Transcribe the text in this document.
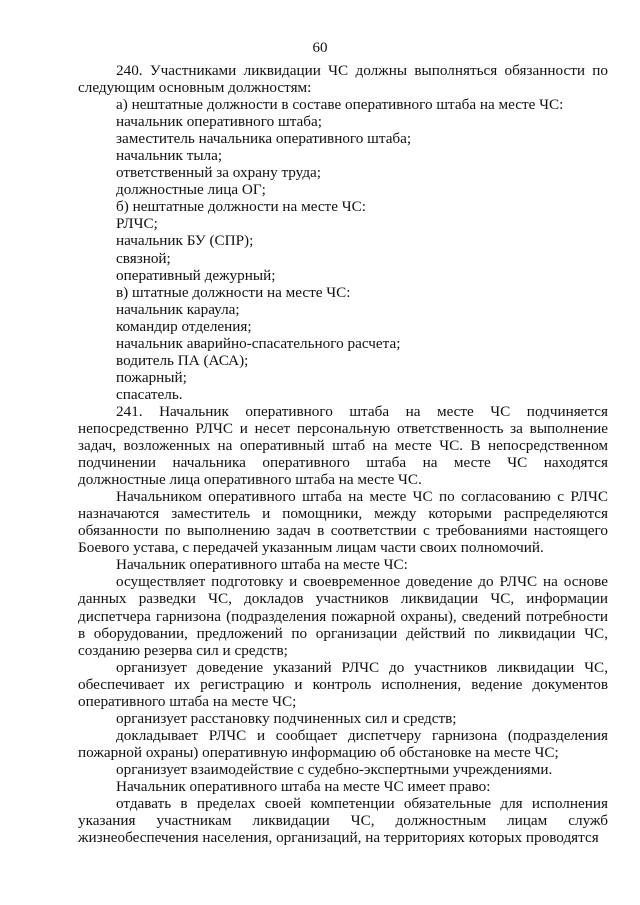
60

240. Участниками ликвидации ЧС должны выполняться обязанности по следующим основным должностям:

а) нештатные должности в составе оперативного штаба на месте ЧС:

начальник оперативного штаба;

заместитель начальника оперативного штаба;

начальник тыла;

ответственный за охрану труда;

должностные лица ОГ;

б) нештатные должности на месте ЧС:

РЛЧС;

начальник БУ (СПР);

связной;

оперативный дежурный;

в) штатные должности на месте ЧС:

начальник караула;

командир отделения;

начальник аварийно-спасательного расчета;

водитель ПА (АСА);

пожарный;

спасатель.

241. Начальник оперативного штаба на месте ЧС подчиняется непосредственно РЛЧС и несет персональную ответственность за выполнение задач, возложенных на оперативный штаб на месте ЧС. В непосредственном подчинении начальника оперативного штаба на месте ЧС находятся должностные лица оперативного штаба на месте ЧС.

Начальником оперативного штаба на месте ЧС по согласованию с РЛЧС назначаются заместитель и помощники, между которыми распределяются обязанности по выполнению задач в соответствии с требованиями настоящего Боевого устава, с передачей указанным лицам части своих полномочий.

Начальник оперативного штаба на месте ЧС:

осуществляет подготовку и своевременное доведение до РЛЧС на основе данных разведки ЧС, докладов участников ликвидации ЧС, информации диспетчера гарнизона (подразделения пожарной охраны), сведений потребности в оборудовании, предложений по организации действий по ликвидации ЧС, созданию резерва сил и средств;

организует доведение указаний РЛЧС до участников ликвидации ЧС, обеспечивает их регистрацию и контроль исполнения, ведение документов оперативного штаба на месте ЧС;

организует расстановку подчиненных сил и средств;

докладывает РЛЧС и сообщает диспетчеру гарнизона (подразделения пожарной охраны) оперативную информацию об обстановке на месте ЧС;

организует взаимодействие с судебно-экспертными учреждениями.

Начальник оперативного штаба на месте ЧС имеет право:

отдавать в пределах своей компетенции обязательные для исполнения указания участникам ликвидации ЧС, должностным лицам служб жизнеобеспечения населения, организаций, на территориях которых проводятся
